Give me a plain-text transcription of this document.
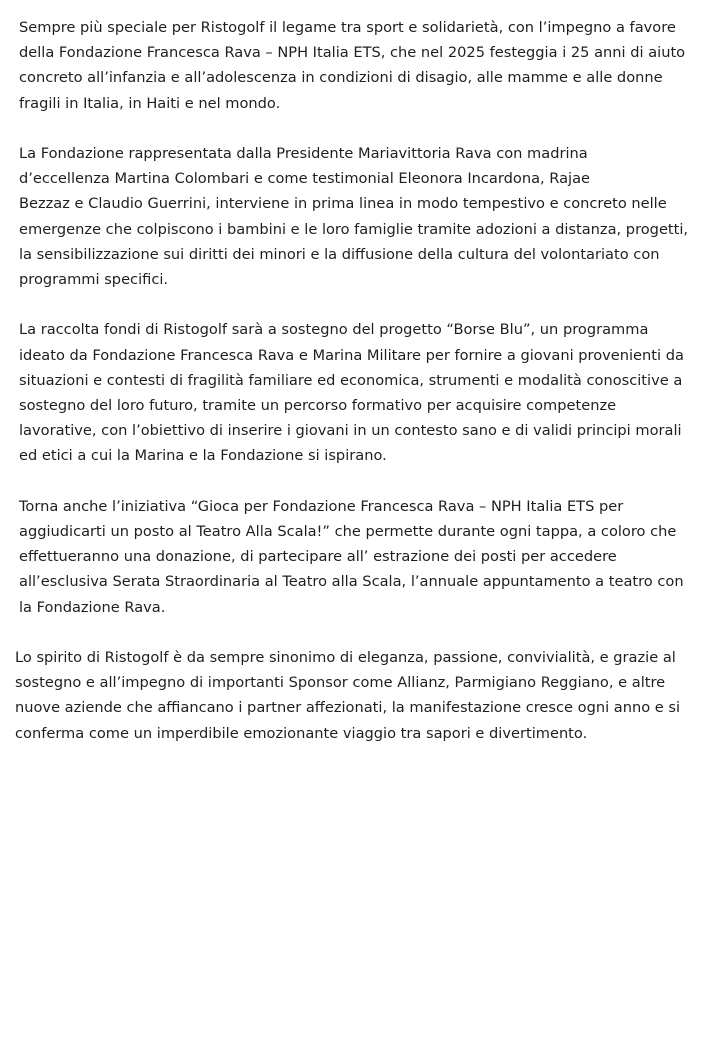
Sempre più speciale per Ristogolf il legame tra sport e solidarietà, con l’impegno a favore
della Fondazione Francesca Rava – NPH Italia ETS, che nel 2025 festeggia i 25 anni di aiuto
concreto all’infanzia e all’adolescenza in condizioni di disagio, alle mamme e alle donne
fragili in Italia, in Haiti e nel mondo.

La Fondazione rappresentata dalla Presidente Mariavittoria Rava con madrina
d’eccellenza Martina Colombari e come testimonial Eleonora Incardona, Rajae
Bezzaz e Claudio Guerrini, interviene in prima linea in modo tempestivo e concreto nelle
emergenze che colpiscono i bambini e le loro famiglie tramite adozioni a distanza, progetti,
la sensibilizzazione sui diritti dei minori e la diffusione della cultura del volontariato con
programmi specifici.

La raccolta fondi di Ristogolf sarà a sostegno del progetto “Borse Blu”, un programma
ideato da Fondazione Francesca Rava e Marina Militare per fornire a giovani provenienti da
situazioni e contesti di fragilità familiare ed economica, strumenti e modalità conoscitive a
sostegno del loro futuro, tramite un percorso formativo per acquisire competenze
lavorative, con l’obiettivo di inserire i giovani in un contesto sano e di validi principi morali
ed etici a cui la Marina e la Fondazione si ispirano.

Torna anche l’iniziativa “Gioca per Fondazione Francesca Rava – NPH Italia ETS per
aggiudicarti un posto al Teatro Alla Scala!” che permette durante ogni tappa, a coloro che
effettueranno una donazione, di partecipare all’ estrazione dei posti per accedere
all’esclusiva Serata Straordinaria al Teatro alla Scala, l’annuale appuntamento a teatro con
la Fondazione Rava.

Lo spirito di Ristogolf è da sempre sinonimo di eleganza, passione, convivialità, e grazie al
sostegno e all’impegno di importanti Sponsor come Allianz, Parmigiano Reggiano, e altre
nuove aziende che affiancano i partner affezionati, la manifestazione cresce ogni anno e si
conferma come un imperdibile emozionante viaggio tra sapori e divertimento.
